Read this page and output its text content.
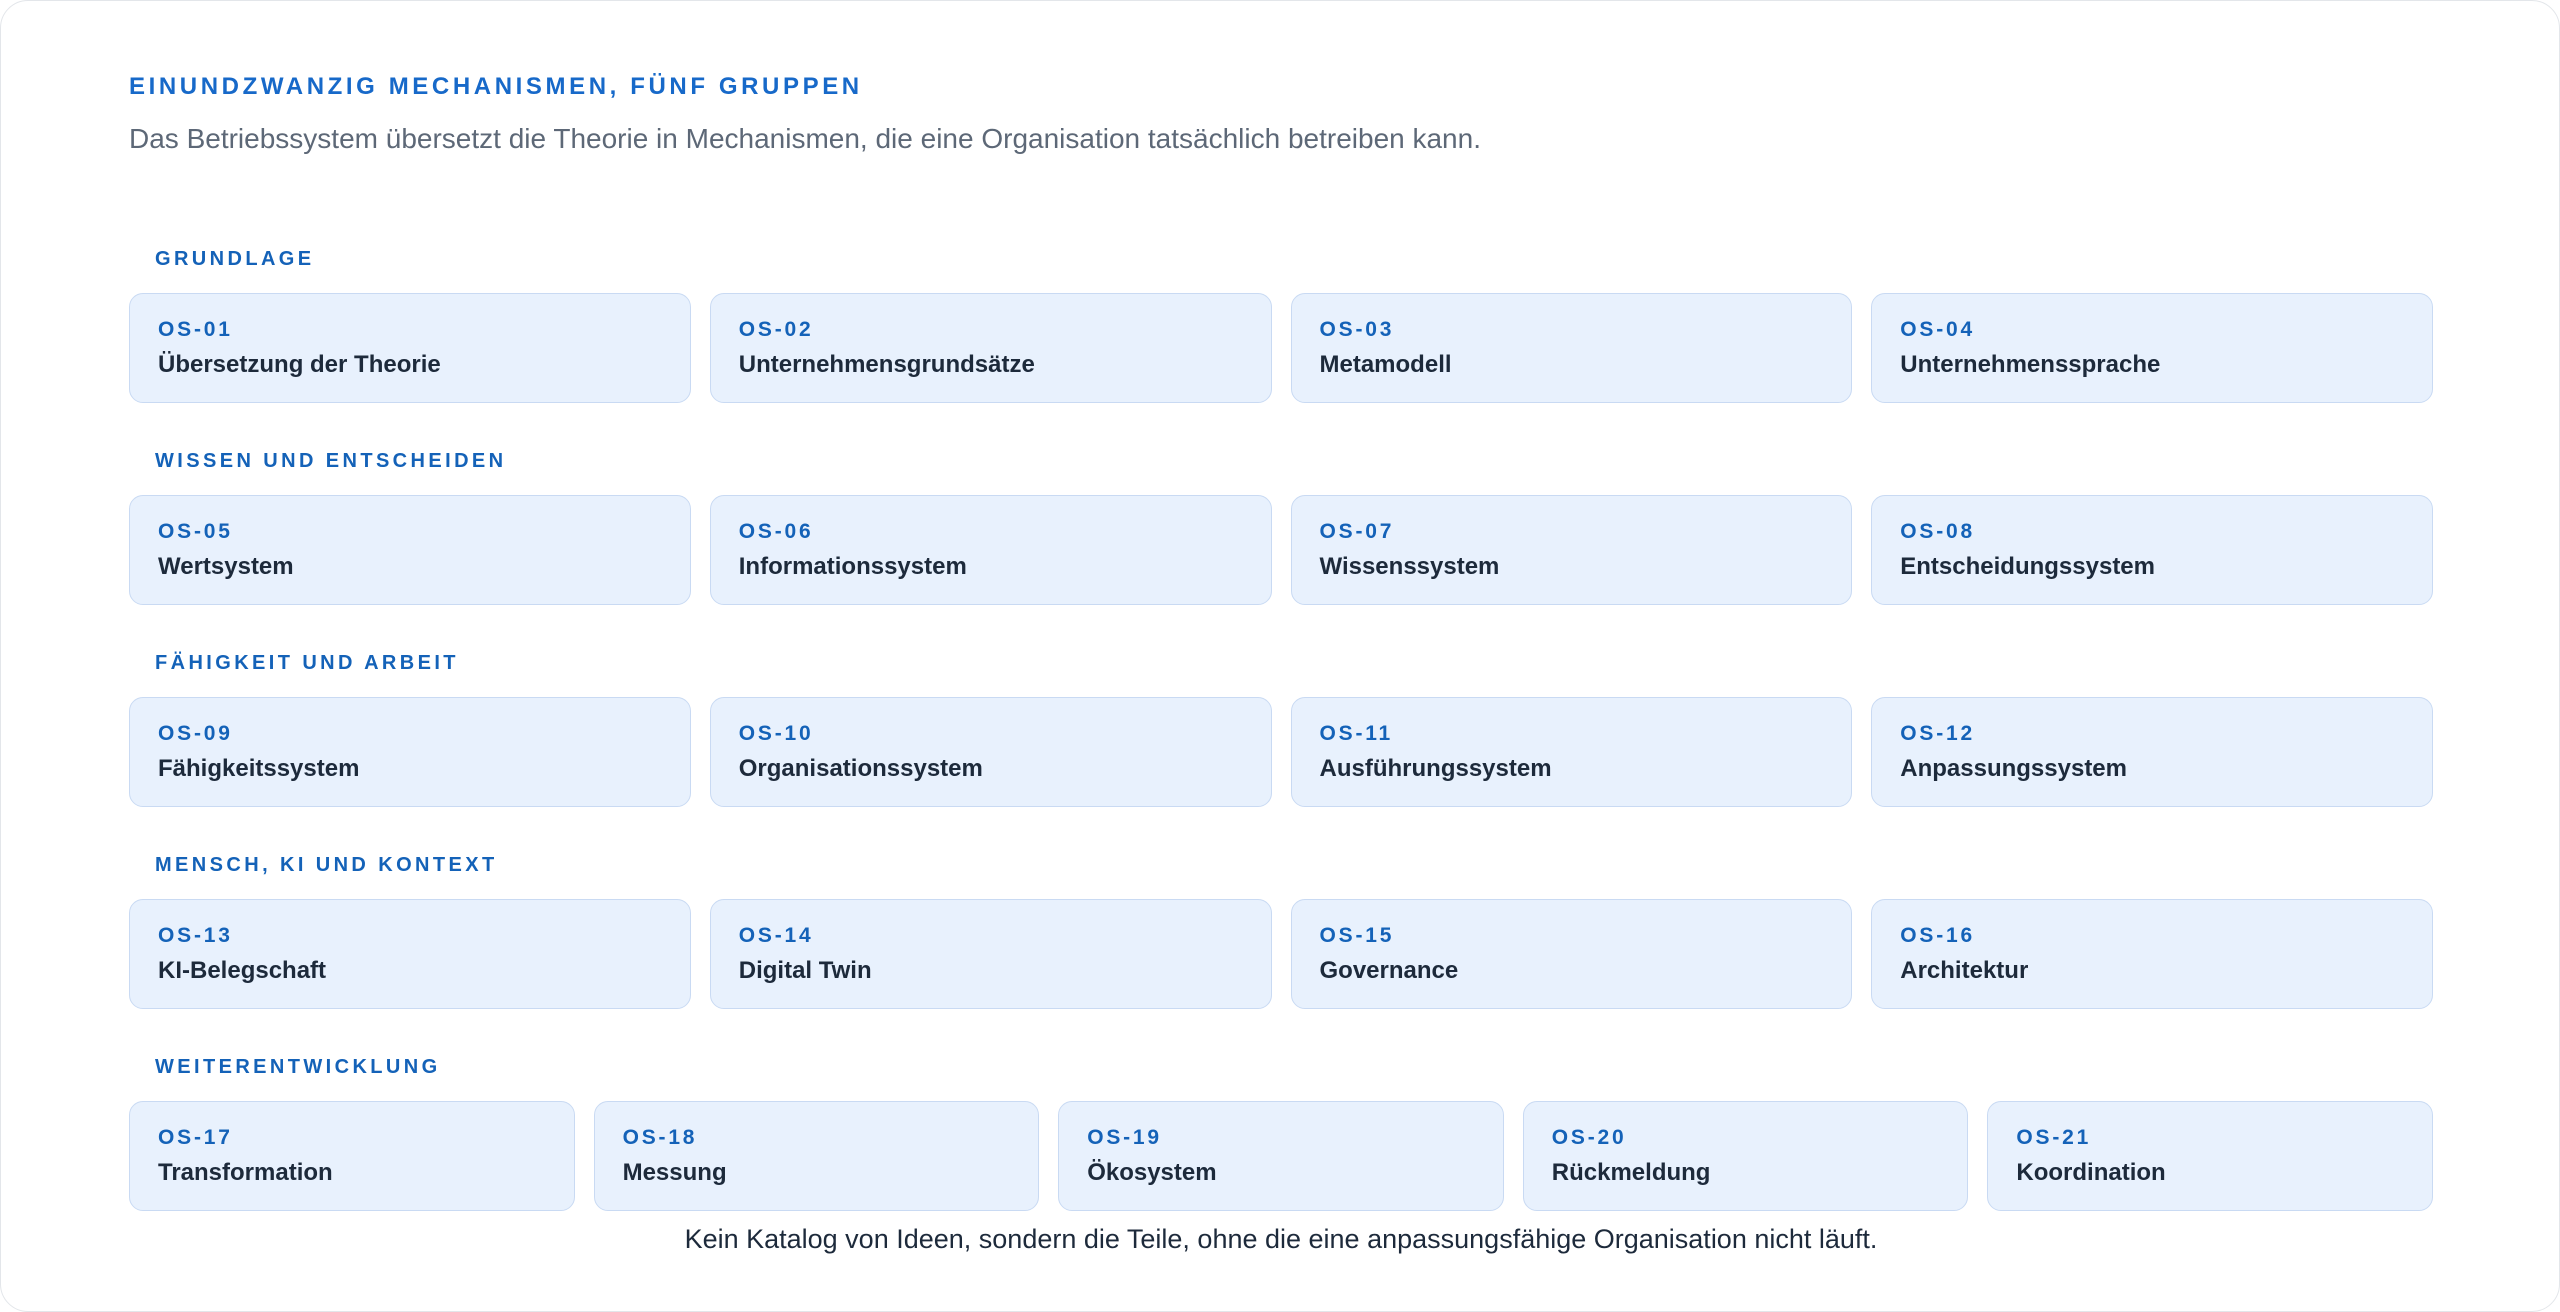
EINUNDZWANZIG MECHANISMEN, FÜNF GRUPPEN

Das Betriebssystem übersetzt die Theorie in Mechanismen, die eine Organisation tatsächlich betreiben kann.

GRUNDLAGE
OS-01
Übersetzung der Theorie
OS-02
Unternehmensgrundsätze
OS-03
Metamodell
OS-04
Unternehmenssprache
WISSEN UND ENTSCHEIDEN
OS-05
Wertsystem
OS-06
Informationssystem
OS-07
Wissenssystem
OS-08
Entscheidungssystem
FÄHIGKEIT UND ARBEIT
OS-09
Fähigkeitssystem
OS-10
Organisationssystem
OS-11
Ausführungssystem
OS-12
Anpassungssystem
MENSCH, KI UND KONTEXT
OS-13
KI-Belegschaft
OS-14
Digital Twin
OS-15
Governance
OS-16
Architektur
WEITERENTWICKLUNG
OS-17
Transformation
OS-18
Messung
OS-19
Ökosystem
OS-20
Rückmeldung
OS-21
Koordination

Kein Katalog von Ideen, sondern die Teile, ohne die eine anpassungsfähige Organisation nicht läuft.
